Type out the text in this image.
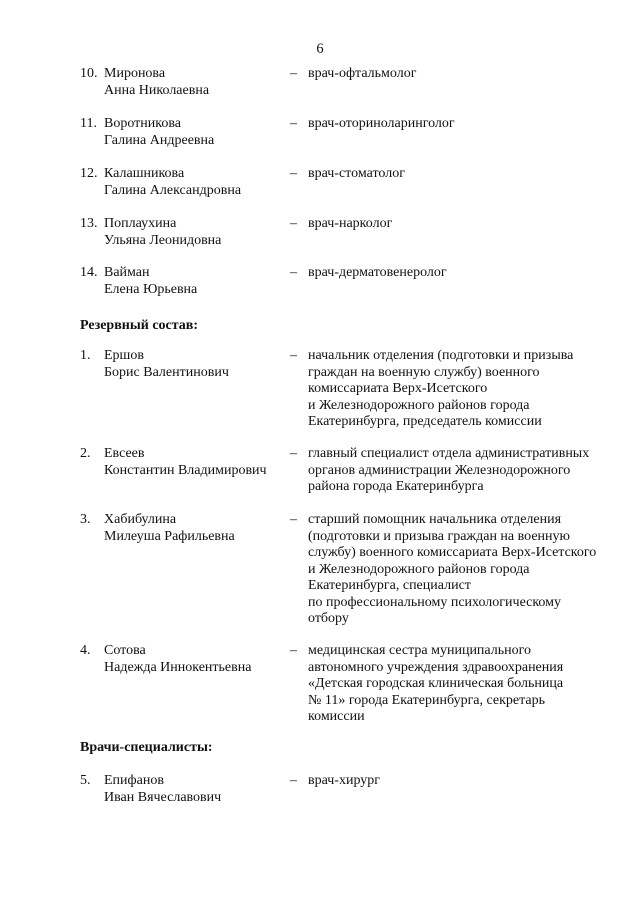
6
10. Миронова
Анна Николаевна
– врач-офтальмолог
11. Воротникова
Галина Андреевна
– врач-оториноларинголог
12. Калашникова
Галина Александровна
– врач-стоматолог
13. Поплаухина
Ульяна Леонидовна
– врач-нарколог
14. Вайман
Елена Юрьевна
– врач-дерматовенеролог
Резервный состав:
1. Ершов
Борис Валентинович
– начальник отделения (подготовки и призыва
граждан на военную службу) военного
комиссариата Верх-Исетского
и Железнодорожного районов города
Екатеринбурга, председатель комиссии
2. Евсеев
Константин Владимирович
– главный специалист отдела административных
органов администрации Железнодорожного
района города Екатеринбурга
3. Хабибулина
Милеуша Рафильевна
– старший помощник начальника отделения
(подготовки и призыва граждан на военную
службу) военного комиссариата Верх-Исетского
и Железнодорожного районов города
Екатеринбурга, специалист
по профессиональному психологическому
отбору
4. Сотова
Надежда Иннокентьевна
– медицинская сестра муниципального
автономного учреждения здравоохранения
«Детская городская клиническая больница
№ 11» города Екатеринбурга, секретарь
комиссии
Врачи-специалисты:
5. Епифанов
Иван Вячеславович
– врач-хирург
